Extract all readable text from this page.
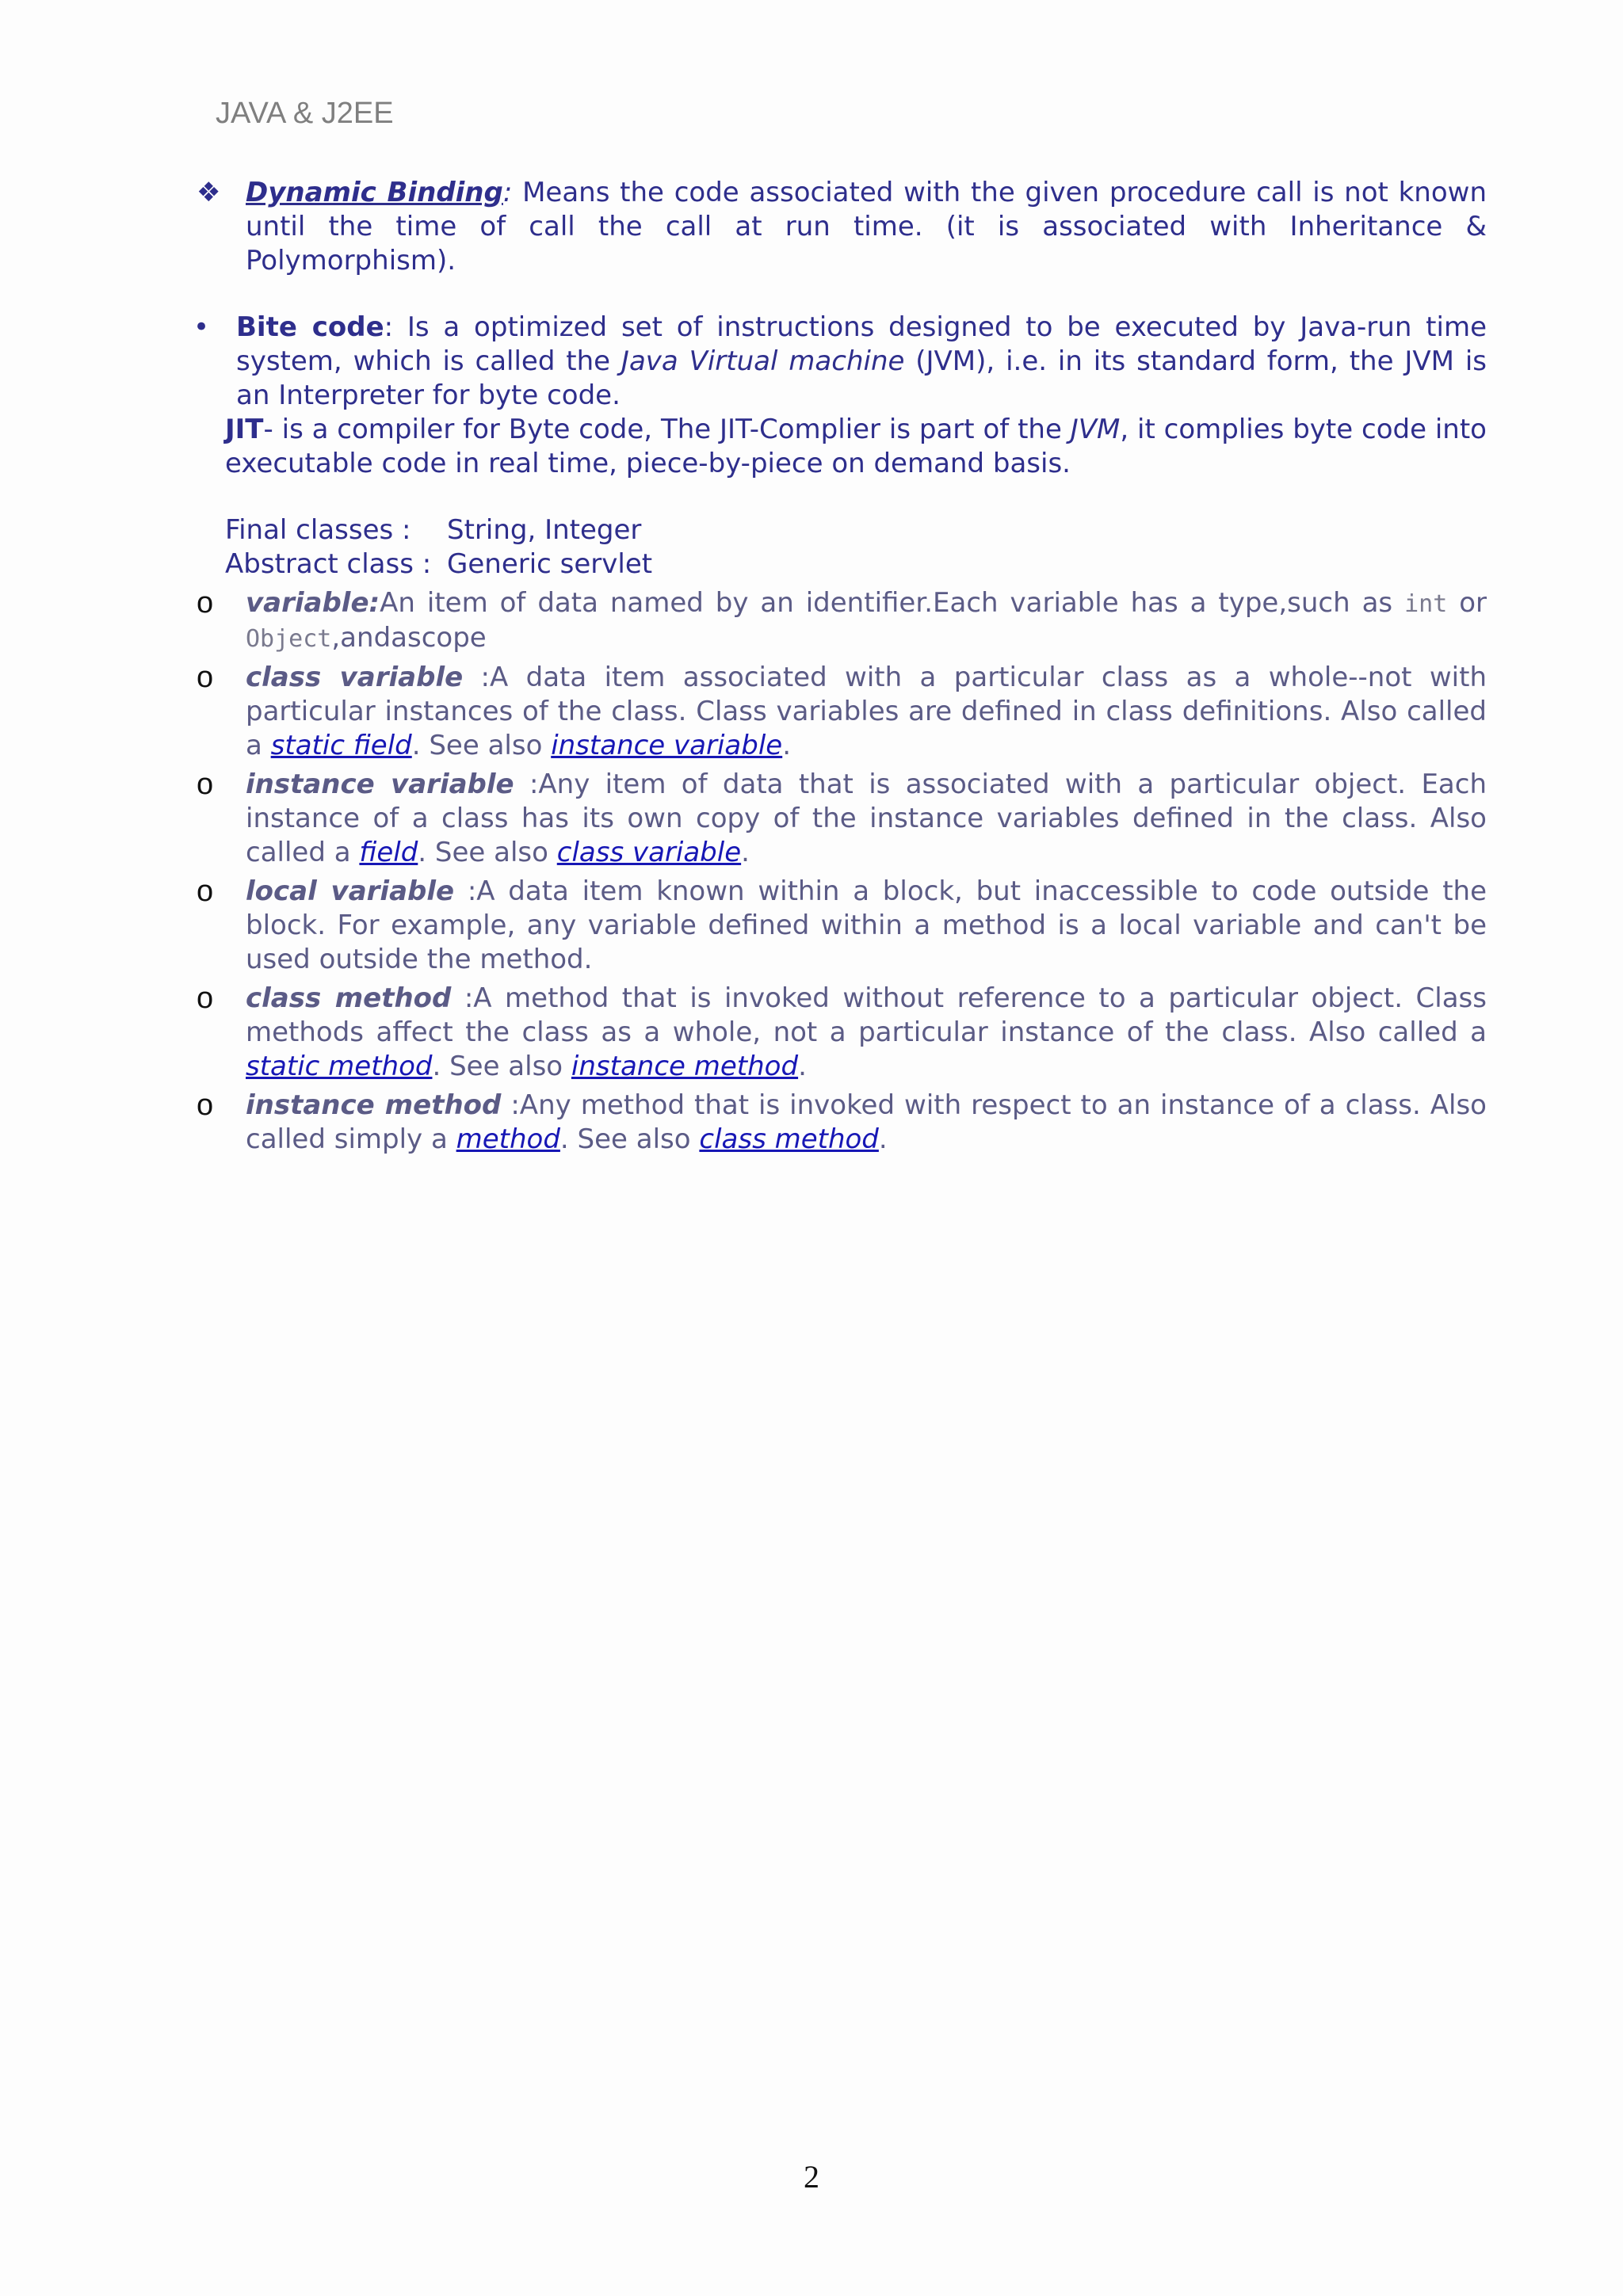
JAVA & J2EE
❖ Dynamic Binding: Means the code associated with the given procedure call is not known until the time of call the call at run time. (it is associated with Inheritance & Polymorphism).
• Bite code: Is a optimized set of instructions designed to be executed by Java-run time system, which is called the Java Virtual machine (JVM), i.e. in its standard form, the JVM is an Interpreter for byte code.
JIT- is a compiler for Byte code, The JIT-Complier is part of the JVM, it complies byte code into executable code in real time, piece-by-piece on demand basis.
Final classes : String, Integer
Abstract class : Generic servlet
o variable:An item of data named by an identifier.Each variable has a type,such as int or Object,andascope
o class variable :A data item associated with a particular class as a whole--not with particular instances of the class. Class variables are defined in class definitions. Also called a static field. See also instance variable.
o instance variable :Any item of data that is associated with a particular object. Each instance of a class has its own copy of the instance variables defined in the class. Also called a field. See also class variable.
o local variable :A data item known within a block, but inaccessible to code outside the block. For example, any variable defined within a method is a local variable and can't be used outside the method.
o class method :A method that is invoked without reference to a particular object. Class methods affect the class as a whole, not a particular instance of the class. Also called a static method. See also instance method.
o instance method :Any method that is invoked with respect to an instance of a class. Also called simply a method. See also class method.
2
